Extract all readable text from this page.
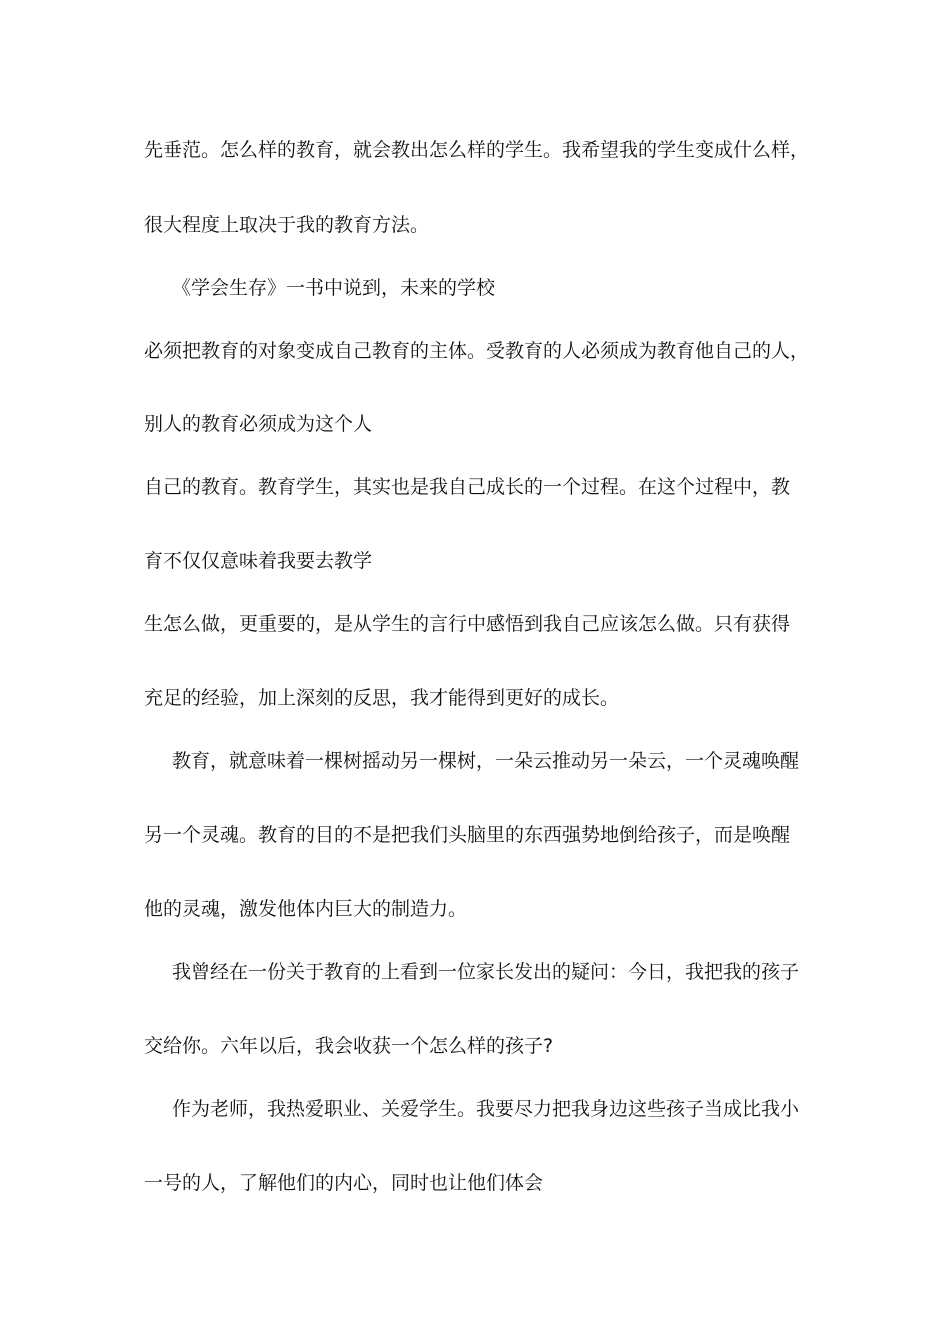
先垂范。怎么样的教育，就会教出怎么样的学生。我希望我的学生变成什么样，

很大程度上取决于我的教育方法。

《学会生存》一书中说到，未来的学校

必须把教育的对象变成自己教育的主体。受教育的人必须成为教育他自己的人，

别人的教育必须成为这个人

自己的教育。教育学生，其实也是我自己成长的一个过程。在这个过程中，教

育不仅仅意味着我要去教学

生怎么做，更重要的，是从学生的言行中感悟到我自己应该怎么做。只有获得

充足的经验，加上深刻的反思，我才能得到更好的成长。

教育，就意味着一棵树摇动另一棵树，一朵云推动另一朵云，一个灵魂唤醒

另一个灵魂。教育的目的不是把我们头脑里的东西强势地倒给孩子，而是唤醒

他的灵魂，激发他体内巨大的制造力。

我曾经在一份关于教育的上看到一位家长发出的疑问：今日，我把我的孩子

交给你。六年以后，我会收获一个怎么样的孩子?

作为老师，我热爱职业、关爱学生。我要尽力把我身边这些孩子当成比我小

一号的人，了解他们的内心，同时也让他们体会
